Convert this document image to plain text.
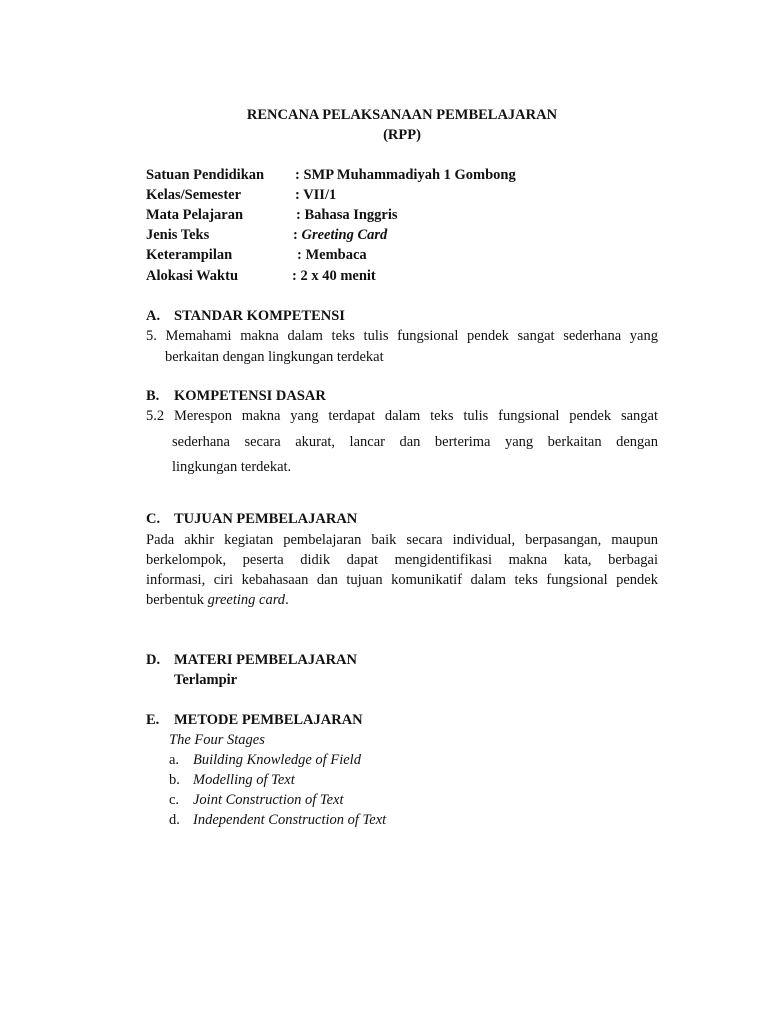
RENCANA PELAKSANAAN PEMBELAJARAN
(RPP)
Satuan Pendidikan : SMP Muhammadiyah 1 Gombong
Kelas/Semester	: VII/1
Mata Pelajaran	: Bahasa Inggris
Jenis Teks	: Greeting Card
Keterampilan	: Membaca
Alokasi Waktu	: 2 x 40 menit
A. STANDAR KOMPETENSI
5. Memahami makna dalam teks tulis fungsional pendek sangat sederhana yang
berkaitan dengan lingkungan terdekat
B. KOMPETENSI DASAR
5.2 Merespon makna yang terdapat dalam teks tulis fungsional pendek sangat
sederhana secara akurat, lancar dan berterima yang berkaitan dengan
lingkungan terdekat.
C. TUJUAN PEMBELAJARAN
Pada akhir kegiatan pembelajaran baik secara individual, berpasangan, maupun
berkelompok, peserta didik dapat mengidentifikasi makna kata, berbagai
informasi, ciri kebahasaan dan tujuan komunikatif dalam teks fungsional pendek
berbentuk greeting card.
D. MATERI PEMBELAJARAN
Terlampir
E. METODE PEMBELAJARAN
The Four Stages
a. Building Knowledge of Field
b. Modelling of Text
c. Joint Construction of Text
d. Independent Construction of Text
